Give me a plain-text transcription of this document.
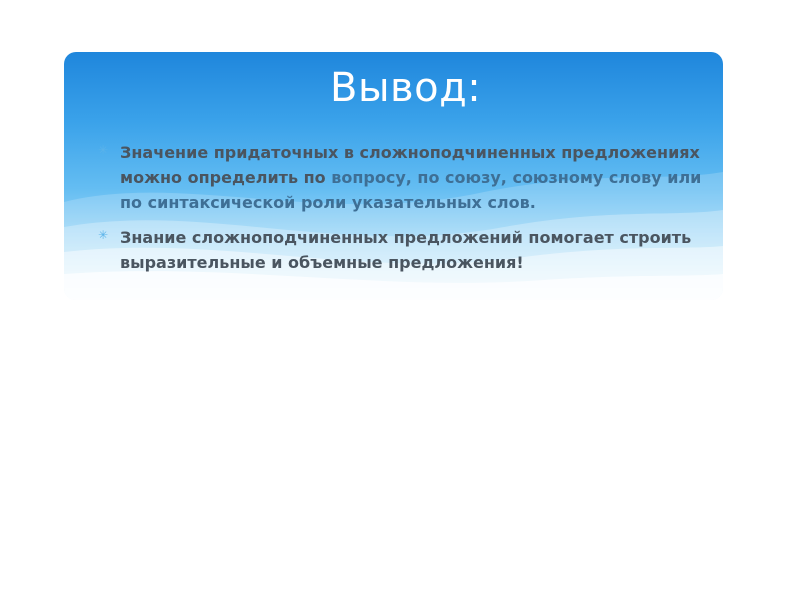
Вывод:
✳ Значение придаточных в сложноподчиненных предложениях можно определить по вопросу, по союзу, союзному слову или по синтаксической роли указательных слов.
✳ Знание сложноподчиненных предложений помогает строить выразительные и объемные предложения!
